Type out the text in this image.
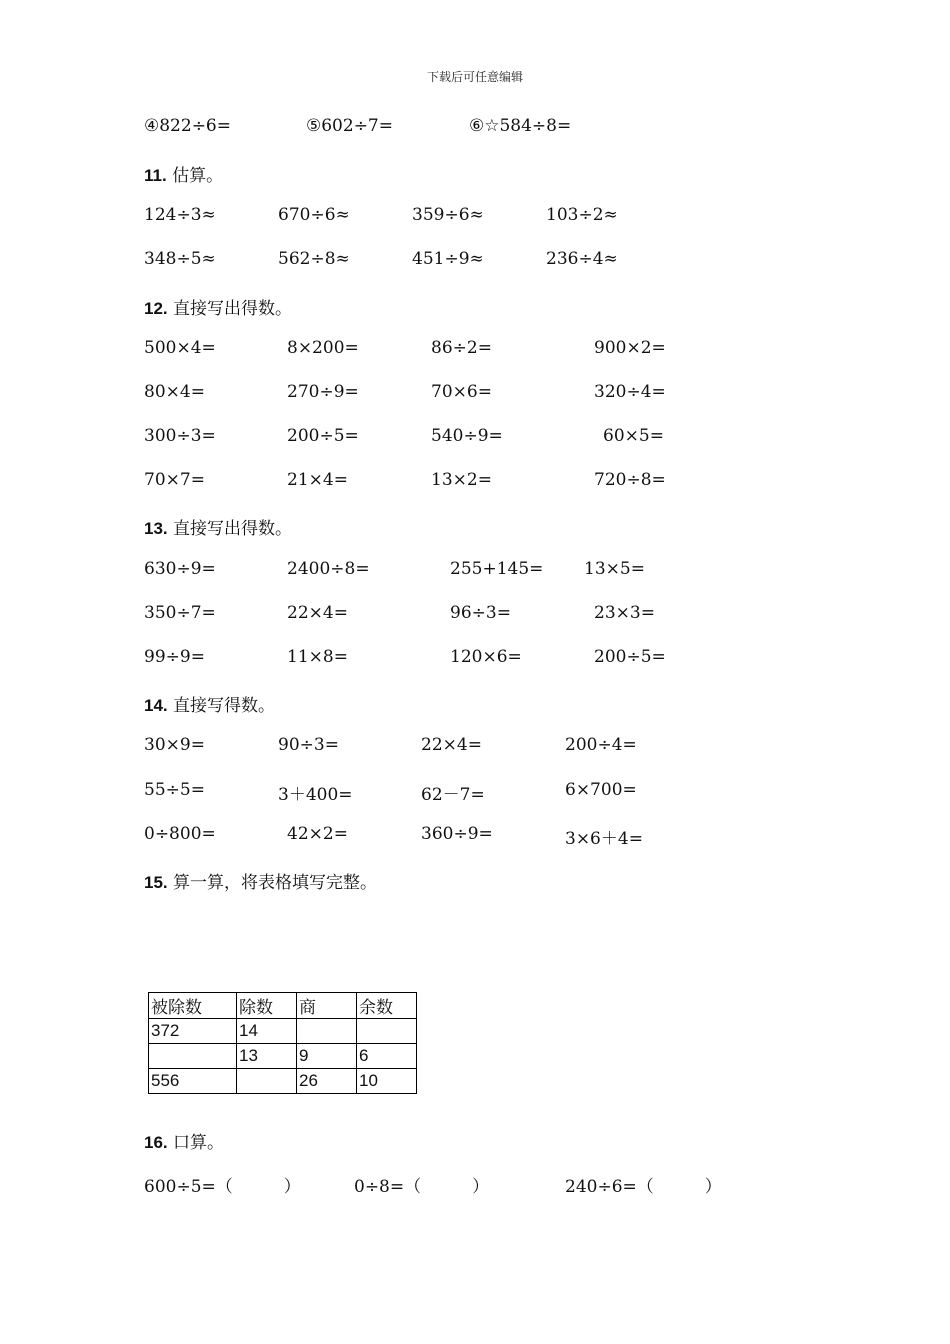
下载后可任意编辑
④822÷6=	⑤602÷7=	⑥☆584÷8=
11. 估算。
124÷3≈	670÷6≈	359÷6≈	103÷2≈
348÷5≈	562÷8≈	451÷9≈	236÷4≈
12. 直接写出得数。
500×4=	8×200=	86÷2=	900×2=
80×4=	270÷9=	70×6=	320÷4=
300÷3=	200÷5=	540÷9=	60×5=
70×7=	21×4=	13×2=	720÷8=
13. 直接写出得数。
630÷9=	2400÷8=	255+145= 13×5=
350÷7=	22×4=	96÷3=	23×3=
99÷9=	11×8=	120×6=	200÷5=
14. 直接写得数。
30×9=	90÷3=	22×4=	200÷4=
55÷5=	3＋400=	62－7=	6×700=
0÷800=	42×2=	360÷9=	3×6＋4=
15. 算一算，将表格填写完整。
被除数	除数	商	余数
372	14		
	13	9	6
556		26	10
16. 口算。
600÷5=（　　　）	0÷8=（　　　）	240÷6=（　　　）
